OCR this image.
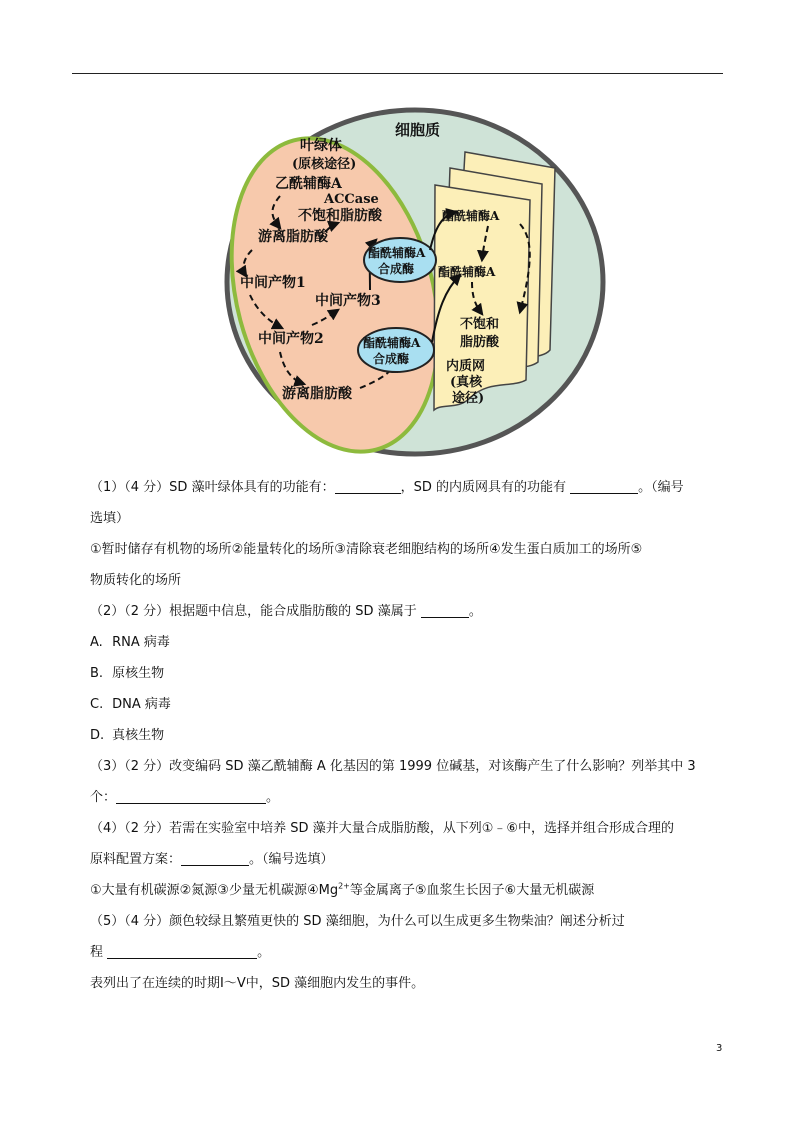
细胞质
叶绿体
(原核途径)
乙酰辅酶A
ACCase
不饱和脂肪酸
游离脂肪酸
中间产物1
中间产物3
中间产物2
游离脂肪酸
酯酰辅酶A
合成酶
酯酰辅酶A
合成酶
酯酰辅酶A
酯酰辅酶A
不饱和
脂肪酸
内质网
(真核
途径)
（1）（4 分）SD 藻叶绿体具有的功能有：	，SD 的内质网具有的功能有	。（编号
选填）
①暂时储存有机物的场所②能量转化的场所③清除衰老细胞结构的场所④发生蛋白质加工的场所⑤
物质转化的场所
（2）（2 分）根据题中信息，能合成脂肪酸的 SD 藻属于	。
A. RNA 病毒
B. 原核生物
C. DNA 病毒
D. 真核生物
（3）（2 分）改变编码 SD 藻乙酰辅酶 A 化基因的第 1999 位碱基，对该酶产生了什么影响？列举其中 3
个：	。
（4）（2 分）若需在实验室中培养 SD 藻并大量合成脂肪酸，从下列①﹣⑥中，选择并组合形成合理的
原料配置方案：	。（编号选填）
①大量有机碳源②氮源③少量无机碳源$④Mg^{2+}$等金属离子⑤血浆生长因子⑥大量无机碳源
（5）（4 分）颜色较绿且繁殖更快的 SD 藻细胞，为什么可以生成更多生物柴油？阐述分析过
程	。
表列出了在连续的时期Ⅰ～Ⅴ中，SD 藻细胞内发生的事件。
3
